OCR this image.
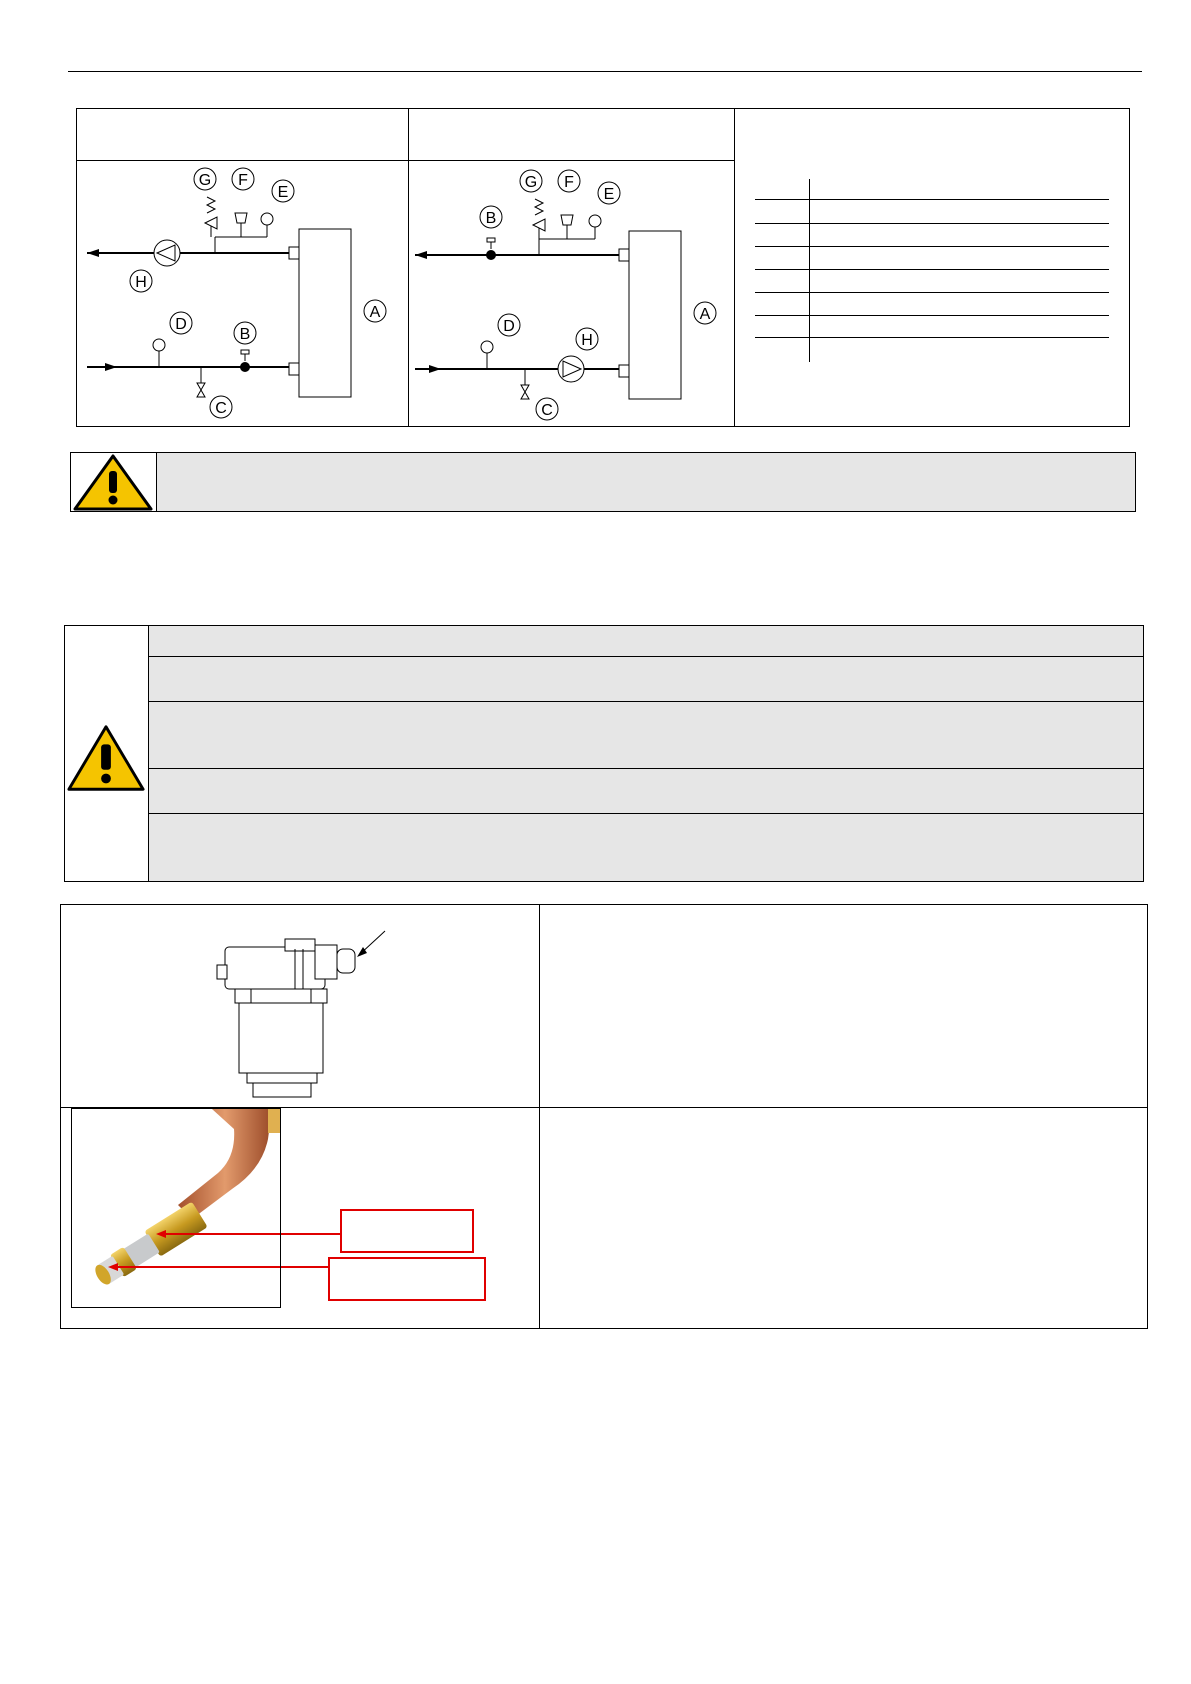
G F
E
H
D
B
A
C
G F
E
B
D
H
A
C
